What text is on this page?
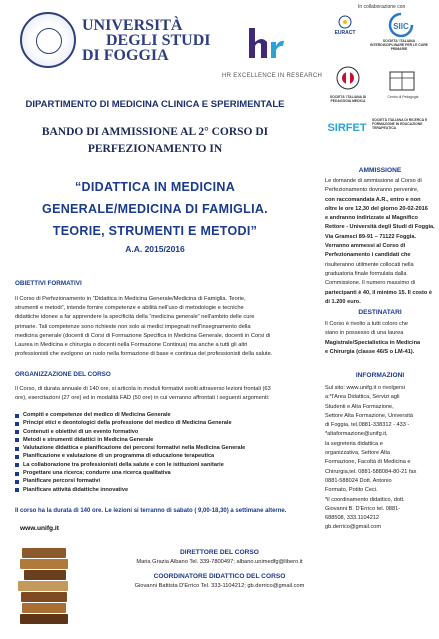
UNIVERSITÀ
DEGLI STUDI
DI FOGGIA
HR EXCELLENCE IN RESEARCH
In collaborazione con
EURACT
SIIC
SOCIETA' ITALIANA INTERDISCIPLINARE PER LE CURE PRIMARIE
SOCIETA' ITALIANA DI PEDAGOGIA MEDICA
Centro di Pedagogia
SIRFET
SOCIETÀ ITALIANA DI RICERCA E FORMAZIONE IN EDUCAZIONE TERAPEUTICA
DIPARTIMENTO DI MEDICINA CLINICA E SPERIMENTALE
BANDO DI AMMISSIONE AL 2° CORSO DI
PERFEZIONAMENTO IN
“DIDATTICA IN MEDICINA
GENERALE/MEDICINA DI FAMIGLIA.
TEORIE, STRUMENTI E METODI”
A.A. 2015/2016
OBIETTIVI FORMATIVI
Il Corso di Perfezionamento in “Didattica in Medicina Generale/Medicina di Famiglia. Teorie,
strumenti e metodi”, intende fornire competenze e abilità nell'uso di metodologie e tecniche
didattiche idonee a far apprendere la specificità della “medicina generale” nell'ambito delle cure
primarie. Tali competenze sono richieste non solo ai medici impegnati nell'insegnamento della
medicina generale (docenti di Corsi di Formazione Specifica in Medicina Generale, docenti in Corsi di
Laurea in Medicina e chirurgia o docenti nella Formazione Continua) ma anche a tutti gli altri
professionisti che svolgono un ruolo nella formazione di base e continua dei professionisti della salute.
ORGANIZZAZIONE DEL CORSO
Il Corso, di durata annuale di 140 ore, si articola in moduli formativi svolti attraverso lezioni frontali (63
ore), esercitazioni (27 ore) ed in modalità FAD (50 ore) in cui verranno affrontati i seguenti argomenti:
Compiti e competenze del medico di Medicina Generale
Principi etici e deontologici della professione del medico di Medicina Generale
Contenuti e obiettivi di un evento formativo
Metodi e strumenti didattici in Medicina Generale
Valutazione didattica e pianificazione dei percorsi formativi nella Medicina Generale
Pianificazione e valutazione di un programma di educazione terapeutica
La collaborazione tra professionisti della salute e con le istituzioni sanitarie
Progettare una ricerca; condurre una ricerca qualitativa
Pianificare percorsi formativi
Pianificare attività didattiche innovative
Il corso ha la durata di 140 ore. Le lezioni si terranno di sabato ( 9,00-18,30) a settimane alterne.
www.unifg.it
DIRETTORE DEL CORSO
Maria Grazia Albano Tel. 339-7800497; albano.unimedfg@libero.it
COORDINATORE DIDATTICO DEL CORSO
Giovanni Battista D'Errico Tel. 333-1104212; gb.derrico@gmail.com
AMMISSIONE
Le domande di ammissione al Corso di
Perfezionamento dovranno pervenire,
con raccomandata A.R., entro e non
oltre le ore 12,30 del giorno 20-02-2016
e andranno indirizzate al Magnifico
Rettore - Università degli Studi di Foggia,
Via Gramsci 89-91 – 71122 Foggia.
Verranno ammessi al Corso di
Perfezionamento i candidati che
risulteranno utilmente collocati nella
graduatoria finale formulata dalla
Commissione. Il numero massimo di
partecipanti è 40, il minimo 15. Il costo è
di 1.200 euro.
DESTINATARI
Il Corso è rivolto a tutti coloro che
siano in possesso di una laurea
Magistrale/Specialistica in Medicina
e Chirurgia (classe 46/S o LM-41).
INFORMAZIONI
Sul sito: www.unifg.it o rivolgersi
a:*l'Area Didattica, Servizi agli
Studenti e Alta Formazione,
Settore Alta Formazione, Università
di Foggia, tel.0881-338312 - 433 -
*altaformazione@unifg.it,
la segreteria didattica e
organizzativa, Settore Alta
Formazione, Facoltà di Medicina e
Chirurgia,tel. 0881-588084-80-21 fax
0881-588024 Dott. Antonio
Formato, Potito Ceci.
*il coordinamento didattico, dott.
Giovanni B. D'Errico tel. 0881-
688508, 333.1104212
gb.derrico@gmail.com
